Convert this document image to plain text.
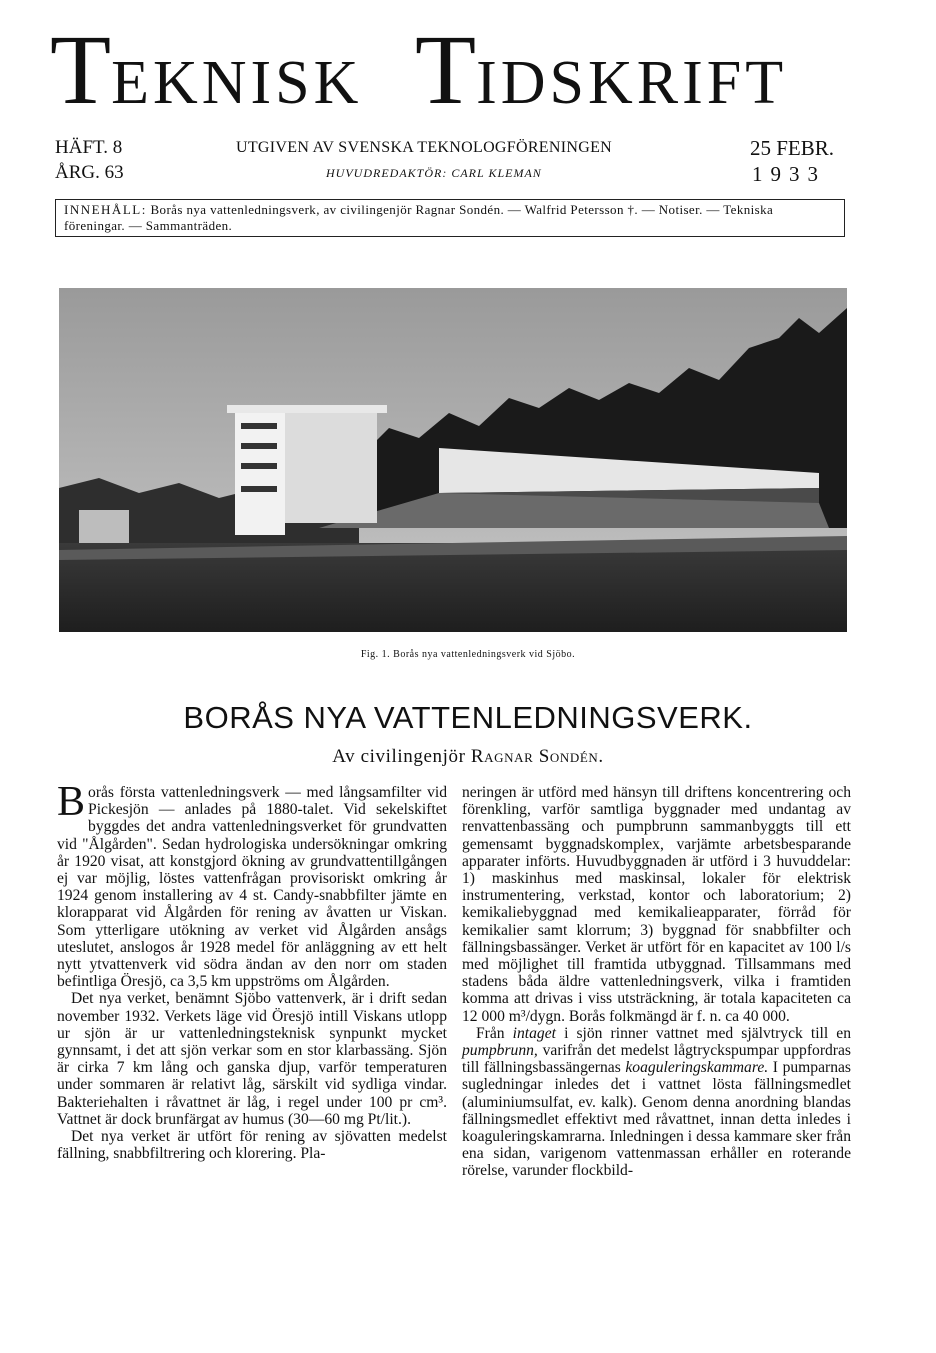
TEKNISK TIDSKRIFT
HÄFT. 8
ÅRG. 63
UTGIVEN AV SVENSKA TEKNOLOGFÖRENINGEN
HUVUDREDAKTÖR: CARL KLEMAN
25 FEBR.
1933
INNEHÅLL: Borås nya vattenledningsverk, av civilingenjör Ragnar Sondén. — Walfrid Petersson †. — Notiser. — Tekniska föreningar. — Sammanträden.
Fig. 1. Borås nya vattenledningsverk vid Sjöbo.
BORÅS NYA VATTENLEDNINGSVERK.
Av civilingenjör Ragnar Sondén.

Borås första vattenledningsverk — med långsamfilter vid Pickesjön — anlades på 1880-talet. Vid sekelskiftet byggdes det andra vattenledningsverket för grundvatten vid "Ålgården". Sedan hydrologiska undersökningar omkring år 1920 visat, att konstgjord ökning av grundvattentillgången ej var möjlig, löstes vattenfrågan provisoriskt omkring år 1924 genom installering av 4 st. Candy-snabbfilter jämte en klorapparat vid Ålgården för rening av åvatten ur Viskan. Som ytterligare utökning av verket vid Ålgården ansågs uteslutet, anslogos år 1928 medel för anläggning av ett helt nytt ytvattenverk vid södra ändan av den norr om staden befintliga Öresjö, ca 3,5 km uppströms om Ålgården.

Det nya verket, benämnt Sjöbo vattenverk, är i drift sedan november 1932. Verkets läge vid Öresjö intill Viskans utlopp ur sjön är ur vattenledningsteknisk synpunkt mycket gynnsamt, i det att sjön verkar som en stor klarbassäng. Sjön är cirka 7 km lång och ganska djup, varför temperaturen under sommaren är relativt låg, särskilt vid sydliga vindar. Bakteriehalten i råvattnet är låg, i regel under 100 pr cm³. Vattnet är dock brunfärgat av humus (30—60 mg Pt/lit.).

Det nya verket är utfört för rening av sjövatten medelst fällning, snabbfiltrering och klorering. Pla-

neringen är utförd med hänsyn till driftens koncentrering och förenkling, varför samtliga byggnader med undantag av renvattenbassäng och pumpbrunn sammanbyggts till ett gemensamt byggnadskomplex, varjämte arbetsbesparande apparater införts. Huvudbyggnaden är utförd i 3 huvuddelar: 1) maskinhus med maskinsal, lokaler för elektrisk instrumentering, verkstad, kontor och laboratorium; 2) kemikaliebyggnad med kemikalieapparater, förråd för kemikalier samt klorrum; 3) byggnad för snabbfilter och fällningsbassänger. Verket är utfört för en kapacitet av 100 l/s med möjlighet till framtida utbyggnad. Tillsammans med stadens båda äldre vattenledningsverk, vilka i framtiden komma att drivas i viss utsträckning, är totala kapaciteten ca 12 000 m³/dygn. Borås folkmängd är f. n. ca 40 000.

Från intaget i sjön rinner vattnet med självtryck till en pumpbrunn, varifrån det medelst lågtryckspumpar uppfordras till fällningsbassängernas koaguleringskammare. I pumparnas sugledningar inledes det i vattnet lösta fällningsmedlet (aluminiumsulfat, ev. kalk). Genom denna anordning blandas fällningsmedlet effektivt med råvattnet, innan detta inledes i koaguleringskamrarna. Inledningen i dessa kammare sker från ena sidan, varigenom vattenmassan erhåller en roterande rörelse, varunder flockbild-
